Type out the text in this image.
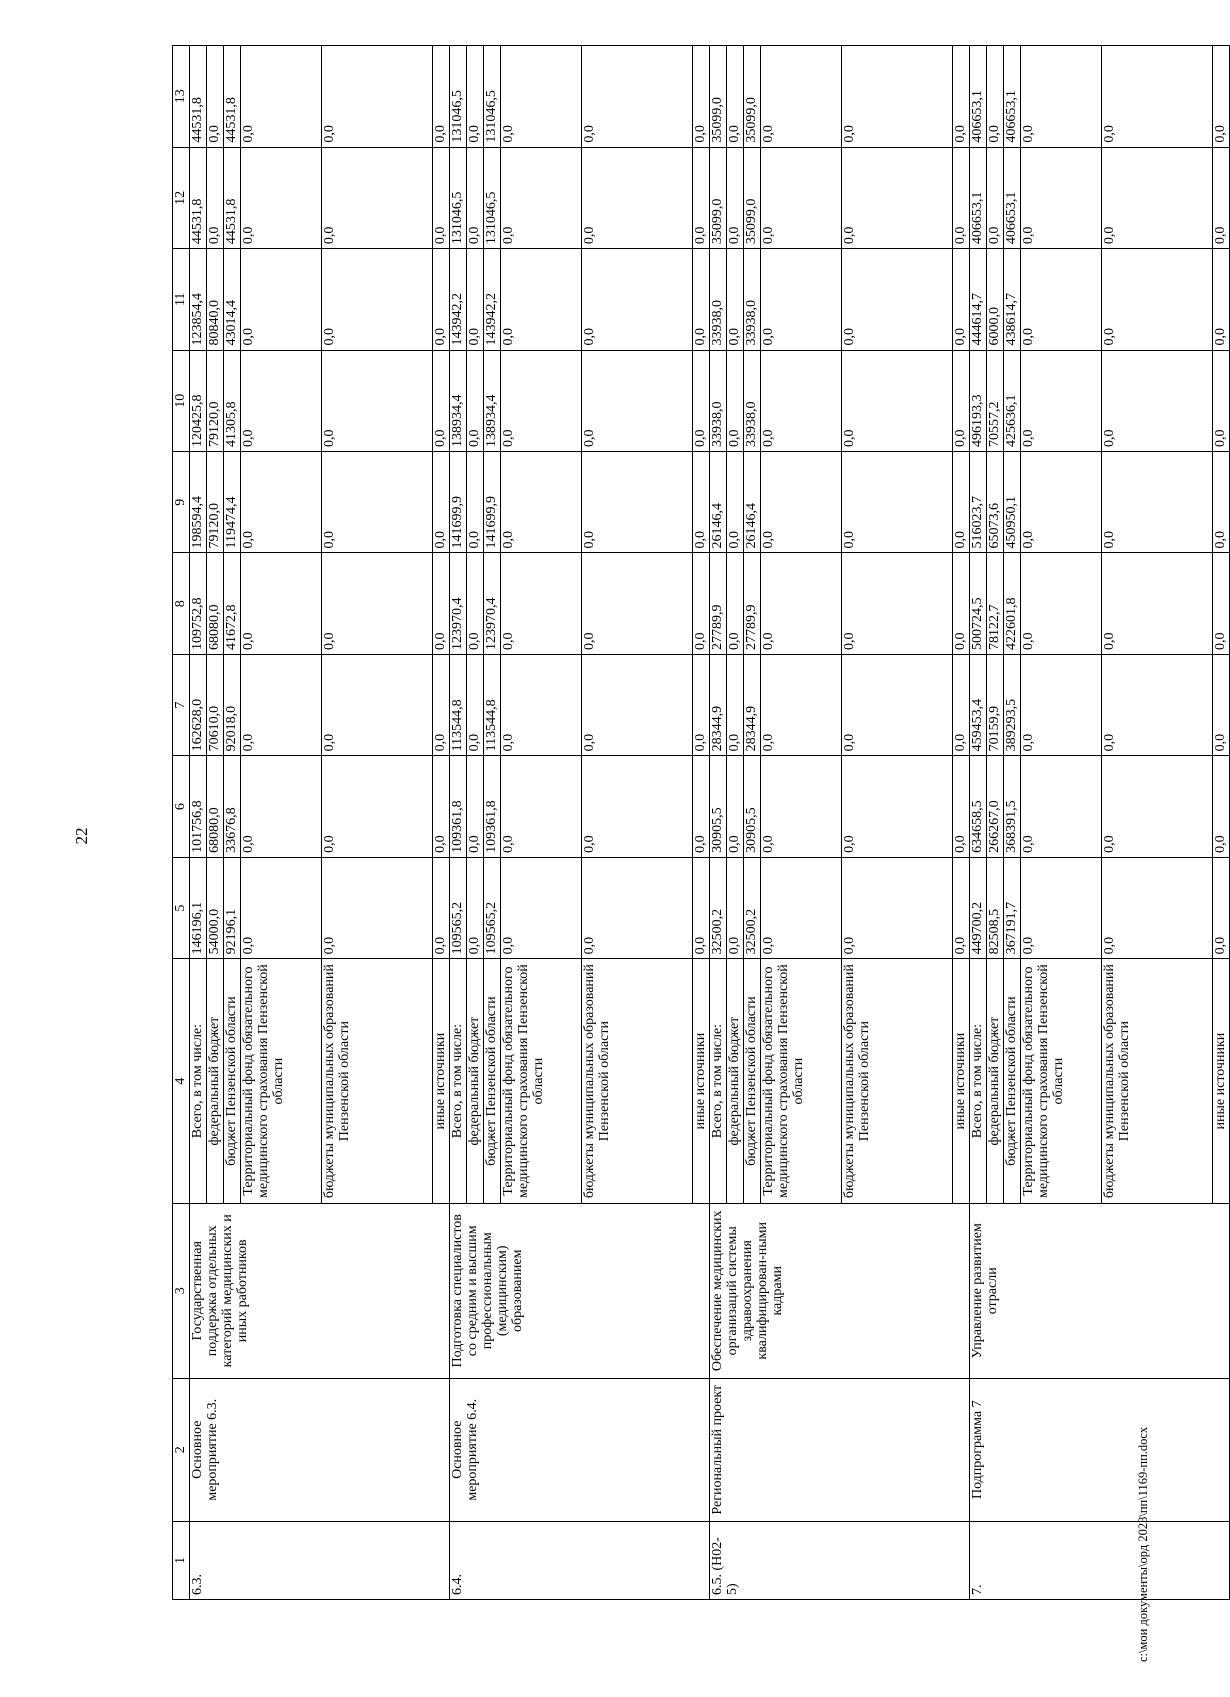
22
1	2	3	4	5	6	7	8	9	10	11	12	13
6.3.	Основное мероприятие 6.3.	Государственная поддержка отдельных категорий медицинских и иных работников	Всего, в том числе:	146196,1	101756,8	162628,0	109752,8	198594,4	120425,8	123854,4	44531,8	44531,8
			федеральный бюджет	54000,0	68080,0	70610,0	68080,0	79120,0	79120,0	80840,0	0,0	0,0
			бюджет Пензенской области	92196,1	33676,8	92018,0	41672,8	119474,4	41305,8	43014,4	44531,8	44531,8
			Территориальный фонд обязательного медицинского страхования Пензенской области	0,0	0,0	0,0	0,0	0,0	0,0	0,0	0,0	0,0
			бюджеты муниципальных образований Пензенской области	0,0	0,0	0,0	0,0	0,0	0,0	0,0	0,0	0,0
			иные источники	0,0	0,0	0,0	0,0	0,0	0,0	0,0	0,0	0,0
6.4.	Основное мероприятие 6.4.	Подготовка специалистов со средним и высшим профессиональным (медицинским) образованием	Всего, в том числе:	109565,2	109361,8	113544,8	123970,4	141699,9	138934,4	143942,2	131046,5	131046,5
			федеральный бюджет	0,0	0,0	0,0	0,0	0,0	0,0	0,0	0,0	0,0
			бюджет Пензенской области	109565,2	109361,8	113544,8	123970,4	141699,9	138934,4	143942,2	131046,5	131046,5
			Территориальный фонд обязательного медицинского страхования Пензенской области	0,0	0,0	0,0	0,0	0,0	0,0	0,0	0,0	0,0
			бюджеты муниципальных образований Пензенской области	0,0	0,0	0,0	0,0	0,0	0,0	0,0	0,0	0,0
			иные источники	0,0	0,0	0,0	0,0	0,0	0,0	0,0	0,0	0,0
6.5. (Н02-5)	Региональный проект	Обеспечение медицинских организаций системы здравоохранения квалифицирован-ными кадрами	Всего, в том числе:	32500,2	30905,5	28344,9	27789,9	26146,4	33938,0	33938,0	35099,0	35099,0
			федеральный бюджет	0,0	0,0	0,0	0,0	0,0	0,0	0,0	0,0	0,0
			бюджет Пензенской области	32500,2	30905,5	28344,9	27789,9	26146,4	33938,0	33938,0	35099,0	35099,0
			Территориальный фонд обязательного медицинского страхования Пензенской области	0,0	0,0	0,0	0,0	0,0	0,0	0,0	0,0	0,0
			бюджеты муниципальных образований Пензенской области	0,0	0,0	0,0	0,0	0,0	0,0	0,0	0,0	0,0
			иные источники	0,0	0,0	0,0	0,0	0,0	0,0	0,0	0,0	0,0
7.	Подпрограмма 7	Управление развитием отрасли	Всего, в том числе:	449700,2	634658,5	459453,4	500724,5	516023,7	496193,3	444614,7	406653,1	406653,1
			федеральный бюджет	82508,5	266267,0	70159,9	78122,7	65073,6	70557,2	6000,0	0,0	0,0
			бюджет Пензенской области	367191,7	368391,5	389293,5	422601,8	450950,1	425636,1	438614,7	406653,1	406653,1
			Территориальный фонд обязательного медицинского страхования Пензенской области	0,0	0,0	0,0	0,0	0,0	0,0	0,0	0,0	0,0
			бюджеты муниципальных образований Пензенской области	0,0	0,0	0,0	0,0	0,0	0,0	0,0	0,0	0,0
			иные источники	0,0	0,0	0,0	0,0	0,0	0,0	0,0	0,0	0,0
c:\мои документы\орд 2023\пп\1169-пп.docx
